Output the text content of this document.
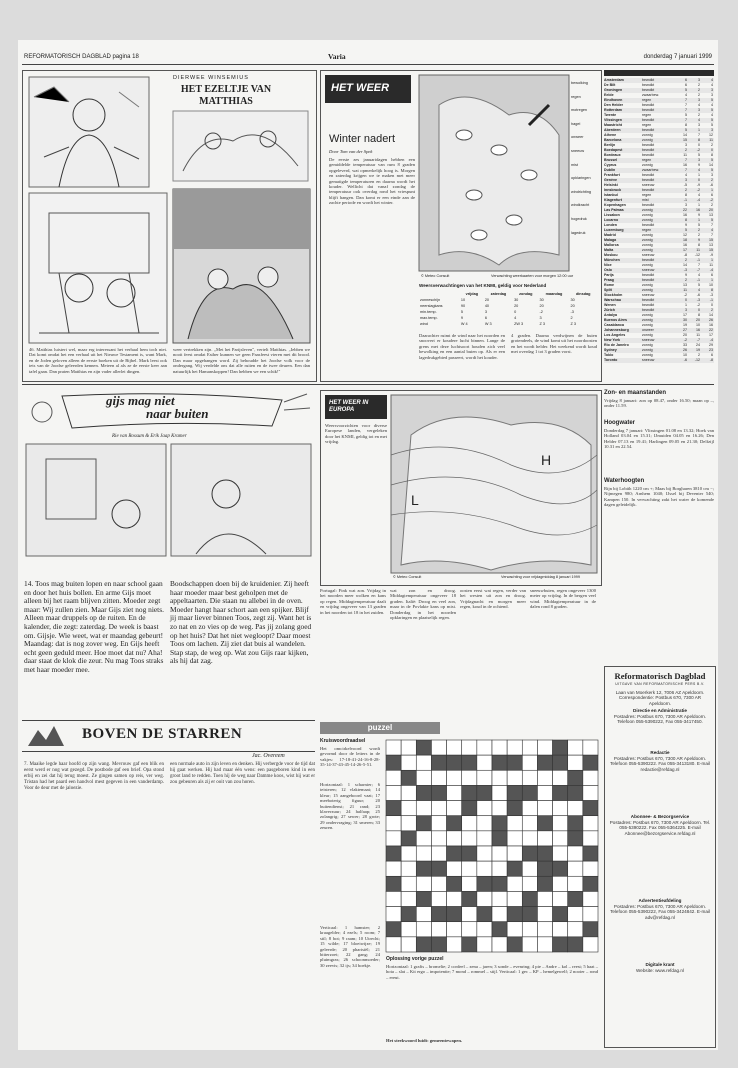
REFORMATORISCH DAGBLAD pagina 18	Varia	donderdag 7 januari 1999
DIERWEE WINSEMIUS
HET EZELTJE VAN
MATTHIAS
46. Matthias luistert wel, maar erg interessant het verhaal hem toch niet. Dat komt omdat het een verhaal uit het Nieuwe Testament is, want Mark, en de Joden geloven alleen de eerste boeken uit de Bijbel. Mark leest ook iets van de Joodse geleerden kennen. Meteen al als ze de eerste keer aan tafel gaan. Dan praten Matthias en zijn vader allerlei dingen.
weer vertrekken zijn. „Met het Parijsleven", vertelt Matthias. „Iebben we nooit feest omdat Esther kunnen we geen Paasfeest vieren met dit brood. Dan maar opgehangen word. Zij behoudde het Joodse volk voor de ondergang. Wij verdelde ons dat alle ruiten en de twee deuren. Een dan natuurlijk het Hamanskoppen! Dan hebben we een schik!"
HET WEER
Winter nadert
Door Tom van der Spek
De eerste zes januaridagen hebben een gemiddelde temperatuur van rum 8 graden opgeleverd, wat opmerkelijk hoog is. Morgen en zaterdag krijgen we te maken met meer gematigde temperaturen en daarna wordt het kouder. Wellicht dat vanaf zondag de temperatuur ook overdag rond het vriespunt blijft hangen. Dan komt er een einde aan de zachte periode en wordt het winter.
© Meteo Consult	Verwachting weerkaarten voor morgen 12:00 uur
bewolking
regen
motregen
hagel
onweer
sneeuw
mist
opklaringen
windrichting
windkracht
hogedruk
lagedruk
Weersverwachtingen van het KNMI, geldig voor Nederland
	vrijdag	zaterdag	zondag	maandag	dinsdag
zonneschijn	10	20	30	30	30
neerslagkans	90	40	20	20	20
min.temp.	5	3	0	-2	-3
max.temp.	9	6	4	3	2
wind	W 4	W 3	ZW 3	Z 3	Z 3
Daarachter ruimt de wind naar het noorden en snoovert er koudere lucht binnen. Lange de grens met deze luchtsoort houden zich veel bewolking en een aantal buien op. Als er een lagedrukgebied passeert, wordt het kouder.
4 graden. Daarna verdwijnen de buien grotendeels, de wind komt uit het noordoosten en het wordt helder. Het weekend wordt koud met overdag 1 tot 3 graden vorst.
Amsterdam	bewolkt	6	3	4
De Bilt	bewolkt	6	2	4
Groningen	bewolkt	5	2	3
Eelde	zwaarbew.	4	2	3
Eindhoven	regen	7	3	5
Den Helder	bewolkt	7	4	4
Rotterdam	bewolkt	7	3	5
Twente	regen	5	2	4
Vlissingen	bewolkt	7	4	5
Maastricht	regen	8	3	5
Aberdeen	bewolkt	5	1	3
Athene	zonnig	14	7	12
Barcelona	zonnig	15	8	11
Berlijn	bewolkt	3	0	2
Boedapest	bewolkt	2	-2	0
Bordeaux	bewolkt	11	5	8
Brussel	regen	7	3	5
Cyprus	zonnig	16	9	14
Dublin	zwaarbew.	7	4	5
Frankfurt	bewolkt	4	1	3
Genève	bewolkt	3	0	2
Helsinki	sneeuw	-5	-9	-6
Innsbruck	bewolkt	2	-2	1
Istanbul	regen	8	4	6
Klagenfurt	mist	-1	-4	-2
Kopenhagen	bewolkt	3	1	2
Las Palmas	zonnig	22	16	20
Lissabon	zonnig	16	9	13
Locarno	zonnig	8	1	5
Londen	bewolkt	9	5	7
Luxemburg	regen	5	2	4
Madrid	zonnig	12	2	7
Malaga	zonnig	18	9	15
Mallorca	zonnig	16	8	13
Malta	zonnig	17	11	15
Moskou	sneeuw	-8	-12	-9
München	bewolkt	2	-1	1
Nice	zonnig	14	7	11
Oslo	sneeuw	-3	-7	-4
Parijs	bewolkt	9	4	6
Praag	bewolkt	2	-1	1
Rome	zonnig	13	5	10
Split	zonnig	11	4	8
Stockholm	sneeuw	-2	-6	-3
Warschau	bewolkt	0	-3	-1
Wenen	bewolkt	1	-2	0
Zürich	bewolkt	3	0	2
Antalya	zonnig	17	8	14
Buenos Aires	zonnig	30	20	26
Casablanca	zonnig	19	10	16
Johannesburg	onweer	27	16	22
Los Angeles	zonnig	20	11	17
New York	sneeuw	-2	-7	-4
Rio de Janeiro	zonnig	33	24	29
Sydney	zonnig	26	19	23
Tokio	zonnig	10	2	6
Toronto	sneeuw	-6	-12	-8
gijs mag niet
naar buiten
Rie van Rossum & Erik Jaap Kramer
14. Toos mag buiten lopen en naar school gaan en door het huis bollen. En arme Gijs moet alleen bij het raam blijven zitten. Moeder zegt maar: Wij zullen zien. Maar Gijs ziet nog niets. Alleen maar druppels op de ruiten. En de kalender, die zegt: zaterdag. De week is baast om. Gijsje. Wie weet, wat er maandag gebeurt! Maandag: dat is nog zover weg. En Gijs heeft echt geen geduld meer. Hoe moet dat nu? Aha! daar staat de klok die zeur. Nu mag Toos straks met haar moeder mee.
Boodschappen doen bij de kruidenier. Zij heeft haar moeder maar best geholpen met de appeltaarten. Die staan nu allebei in de oven. Moeder hangt haar schort aan een spijker. Blijf jij maar liever binnen Toos, zegt zij. Want het is zo nat en zo vies op de weg. Pas jij zolang goed op het huis? Dat het niet wegloopt? Daar moest Toos om lachen. Zij ziet dat buis al wandelen. Stap stap, de weg op. Wat zou Gijs raar kijken, als hij dat zag.
HET WEER IN EUROPA
Weersvoorzichten voor diverse Europese landen, vergeleken door het KNMI, geldig tot en met vrijdag.
L
H
© Meteo Consult	Verwachting voor vrijdagmiddag 8 januari 1999
Portugal: Fink wat zon. Vrijdag in het noorden meer wolken en kans op regen. Middagtemperatuur daalt en vrijdag ongeveer van 13 graden in het noorden tot 18 in het zuiden.
wat zon en droog. Middagtemperatuur ongeveer 18 graden. Italië: Droog en veel zon, maar in de Povlakte kans op mist. Donderdag in het noorden opklaringen en plaatselijk regen.
oosten eerst wat regen, verder van het westen uit zon en droog. Vrijdagnacht en morgen meer regen, koud in de ochtend.
sneeuwbuien, regen ongeveer 1300 meter op vrijdag. In de bergen veel wind. Middagtemperatuur in de dalen rond 8 graden.
Zon- en maanstanden
Vrijdag 8 januari: zon op 08.47, onder 16.50; maan op –, onder 11.59.
Hoogwater
Donderdag 7 januari: Vlissingen 01.08 en 13.32; Hoek van Holland 03.04 en 15.31; IJmuiden 04.05 en 16.26; Den Helder 07.13 en 19.41; Harlingen 09.05 en 21.30; Delfzijl 10.31 en 22.54.
Waterhoogten
Rijn bij Lobith 1220 cm +; Maas bij Borgharen 3810 cm −; Nijmegen 980; Arnhem 1040; IJssel bij Deventer 540; Kampen 150. In verwachting zakt het water de komende dagen geleidelijk.
BOVEN DE STARREN
Jac. Overeem
7. Maaike legde haar hoofd op zijn wang. Mevrouw gaf een blik en eerst werd er nog wat gezegd. De postbode gaf een brief. Opa stond erbij en zei dat hij terug moest. Ze gingen samen op reis, ver weg. Tristan had het paard een handvol mest gegeven in een vanderdamp. Voor de deur met de jaloezie.
een normale auto in zijn leven en denken. Hij verbergde voor de tijd dat hij gaat werken. Hij had maar één wens: een pasgeboren kind in een groot land te redden. Toen hij de weg naar Damme koos, wist hij wat er zou gebeuren als zij er ooit van zou horen.
puzzel
Kruiswoordraadsel
Het omcirkelvoord wordt gevormd door de letters in de vakjes: 17-18-41-24-16-8-28-35-14-37-43-45-14-26-5-51.
Horizontaal: 1 scharnier; 6 teisteren; 12 vlaktemaat; 14 kleur; 15 aangeboord vaat; 17 meeboterig figuur; 20 buitendienst; 21 rand; 23 klaverzuur; 24 halfaap; 25 zolangrig; 27 sewer; 28 grote; 29 ondervraging; 31 smeren; 33 zeuren.
Verticaal: 1 hamster; 2 kraagelder; 4 ezels; 5 room; 7 stil; 8 bot; 9 raam; 10 Utrecht; 15 wilde; 17 bloeiwijze; 19 geleerde; 20 pharisiël; 21 bitterzoet; 22 gang; 24 pluimgras; 26 schoonmoeder; 30 zeevis; 32 ijs; 34 boekje.
Oplossing vorige puzzel
Horizontaal: 1 grafis – bromelie; 2 cordeel – zena – jaren; 3 sonde – evenring; 4 pie – Andre – kol – reest; 5 haat – hota – slat – Kit ergo – impotentie; 7 mond – rommel – stijl. Verticaal: 1 gec – KP – hemelgewelf; 2 nooier – rond – ereut.
Het steekwoord luidt: gemeentewapen.
Reformatorisch Dagblad
UITGAVE VAN REFORMATORISCHE PERS B.V.
Laan van Moerkerk 12, 7006 AZ Apeldoorn. Correspondentie: Postbus 670, 7300 AR Apeldoorn.
Directie en Administratie
Postadres: Postbus 670, 7300 AR Apeldoorn. Telefoon 055-5390222, Fax 055-3417450.
Redactie
Postadres: Postbus 670, 7300 AR Apeldoorn. Telefoon 055-5390222. Fax 055-3413180. E-mail redactie@refdag.nl
Abonnee- & Bezorgservice
Postadres: Postbus 670, 7300 AR Apeldoorn. Tel. 055-5390222. Fax 055-5364225. E-mail Abonnee@bezorgservice.refdag.nl
Advertentieafdeling
Postadres: Postbus 670, 7300 AR Apeldoorn. Telefoon 055-5390222, Fax 055-3424842. E-mail adv@refdag.nl
Digitale krant
Website: www.refdag.nl
